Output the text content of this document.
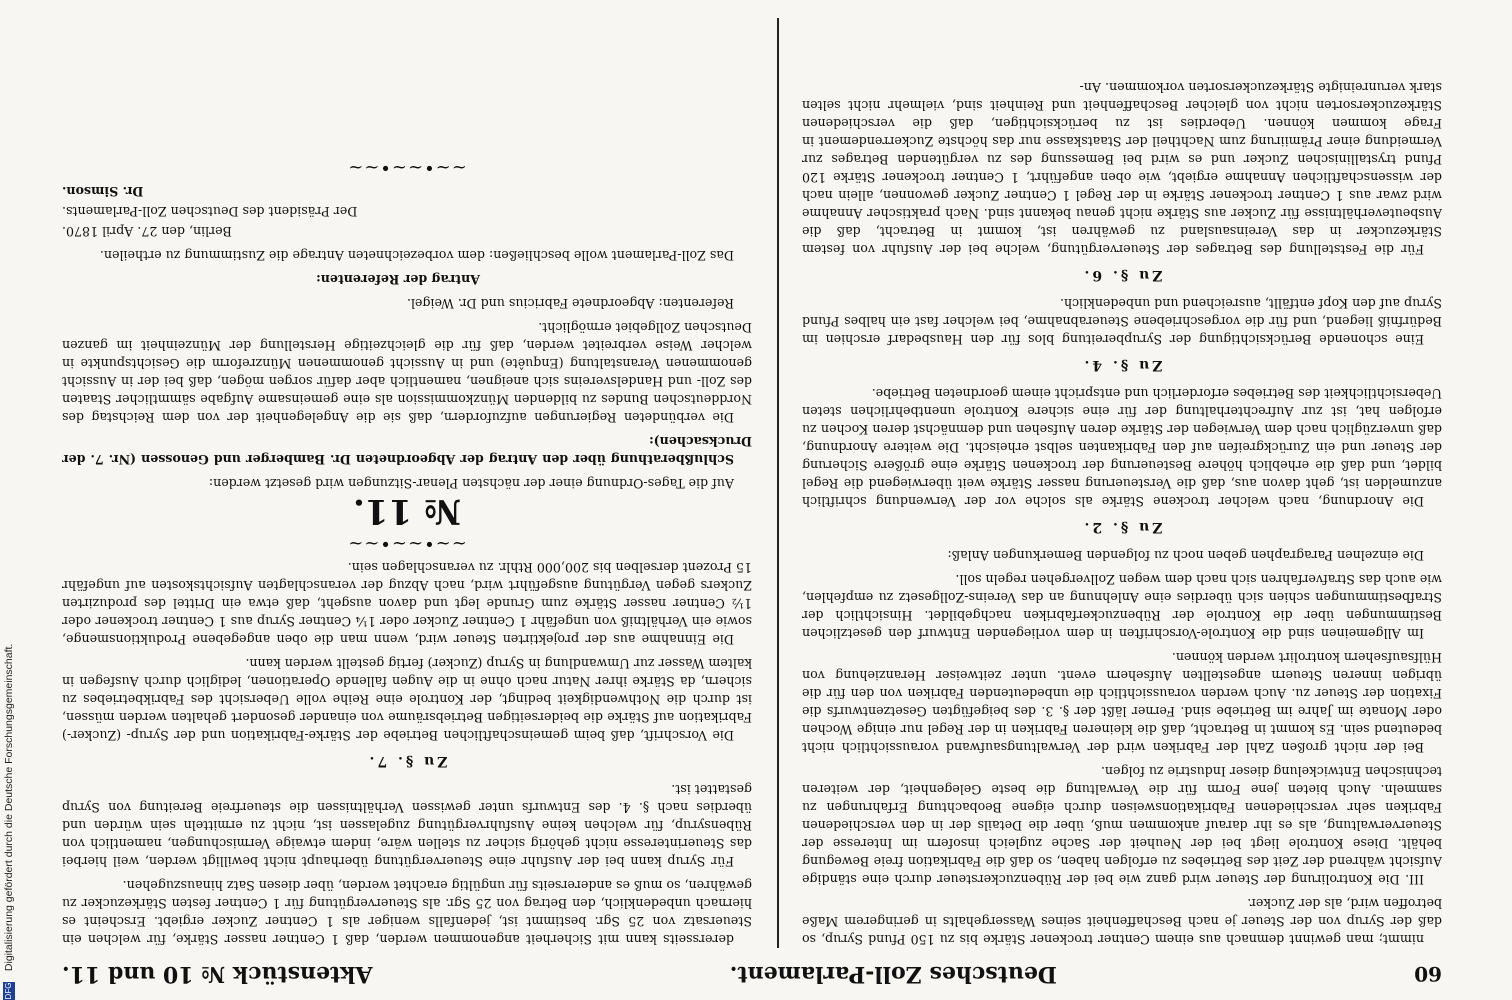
DFG Digitalisierung gefördert durch die Deutsche Forschungsgemeinschaft.
60
Deutsches Zoll-Parlament.
Aktenstück № 10 und 11.

nimmt; man gewinnt demnach aus einem Centner trockener Stärke bis zu 150 Pfund Syrup, so daß der Syrup von der Steuer je nach Beschaffenheit seines Wassergehalts in geringerem Maße betroffen wird, als der Zucker.

III. Die Kontrolirung der Steuer wird ganz wie bei der Rübenzuckersteuer durch eine ständige Aufsicht während der Zeit des Betriebes zu erfolgen haben, so daß die Fabrikation freie Bewegung behält. Diese Kontrole liegt bei der Neuheit der Sache zugleich insofern im Interesse der Steuerverwaltung, als es ihr darauf ankommen muß, über die Details der in den verschiedenen Fabriken sehr verschiedenen Fabrikationsweisen durch eigene Beobachtung Erfahrungen zu sammeln. Auch bieten jene Form für die Verwaltung die beste Gelegenheit, der weiteren technischen Entwickelung dieser Industrie zu folgen.

Bei der nicht großen Zahl der Fabriken wird der Verwaltungsaufwand voraussichtlich nicht bedeutend sein. Es kommt in Betracht, daß die kleineren Fabriken in der Regel nur einige Wochen oder Monate im Jahre im Betriebe sind. Ferner läßt der §. 3. des beigefügten Gesetzentwurfs die Fixation der Steuer zu. Auch werden voraussichtlich die unbedeutenden Fabriken von den für die übrigen inneren Steuern angestellten Aufsehern event. unter zeitweiser Heranziehung von Hülfsaufsehern kontrolirt werden können.

Im Allgemeinen sind die Kontrole-Vorschriften in dem vorliegenden Entwurf den gesetzlichen Bestimmungen über die Kontrole der Rübenzuckerfabriken nachgebildet. Hinsichtlich der Strafbestimmungen schien sich überdies eine Anlehnung an das Vereins-Zollgesetz zu empfehlen, wie auch das Strafverfahren sich nach dem wegen Zollvergehen regeln soll.

Die einzelnen Paragraphen geben noch zu folgenden Bemerkungen Anlaß:

Zu §. 2.

Die Anordnung, nach welcher trockene Stärke als solche vor der Verwendung schriftlich anzumelden ist, geht davon aus, daß die Versteuerung nasser Stärke weit überwiegend die Regel bildet, und daß die erheblich höhere Besteuerung der trockenen Stärke eine größere Sicherung der Steuer und ein Zurückgreifen auf den Fabrikanten selbst erheischt. Die weitere Anordnung, daß unverzüglich nach dem Verwiegen der Stärke deren Aufsehen und demnächst deren Kochen zu erfolgen hat, ist zur Aufrechterhaltung der für eine sichere Kontrole unentbehrlichen steten Uebersichtlichkeit des Betriebes erforderlich und entspricht einem geordneten Betriebe.

Zu §. 4.

Eine schonende Berücksichtigung der Syrupbereitung blos für den Hausbedarf erschien im Bedürfniß liegend, und für die vorgeschriebene Steuerabnahme, bei welcher fast ein halbes Pfund Syrup auf den Kopf entfällt, ausreichend und unbedenklich.

Zu §. 6.

Für die Feststellung des Betrages der Steuervergütung, welche bei der Ausfuhr von festem Stärkezucker in das Vereinsausland zu gewähren ist, kommt in Betracht, daß die Ausbeuteverhältnisse für Zucker aus Stärke nicht genau bekannt sind. Nach praktischer Annahme wird zwar aus 1 Centner trockener Stärke in der Regel 1 Centner Zucker gewonnen, allein nach der wissenschaftlichen Annahme ergiebt, wie oben angeführt, 1 Centner trockener Stärke 120 Pfund trystallinischen Zucker und es wird bei Bemessung des zu vergütenden Betrages zur Vermeidung einer Prämiirung zum Nachtheil der Staatskasse nur das höchste Zuckerrendement in Frage kommen können. Ueberdies ist zu berücksichtigen, daß die verschiedenen Stärkezuckersorten nicht von gleicher Beschaffenheit und Reinheit sind, vielmehr nicht selten stark verunreinigte Stärkezuckersorten vorkommen. An-

derersseits kann mit Sicherheit angenommen werden, daß 1 Centner nasser Stärke, für welchen ein Steuersatz von 25 Sgr. bestimmt ist, jedenfalls weniger als 1 Centner Zucker ergiebt. Erscheint es hiernach unbedenklich, den Betrag von 25 Sgr. als Steuervergütung für 1 Centner festen Stärkezucker zu gewähren, so muß es andererseits für ungültig erachtet werden, über diesen Satz hinauszugehen.

Für Syrup kann bei der Ausfuhr eine Steuervergütung überhaupt nicht bewilligt werden, weil hierbei das Steuerinteresse nicht gehörig sicher zu stellen wäre, indem etwaige Vermischungen, namentlich von Rübensyrup, für welchen keine Ausfuhrvergütung zugelassen ist, nicht zu ermitteln sein würden und überdies nach §. 4. des Entwurfs unter gewissen Verhältnissen die steuerfreie Bereitung von Syrup gestattet ist.

Zu §. 7.

Die Vorschrift, daß beim gemeinschaftlichen Betriebe der Stärke-Fabrikation und der Syrup- (Zucker-) Fabrikation auf Stärke die beiderseitigen Betriebsräume von einander gesondert gehalten werden müssen, ist durch die Nothwendigkeit bedingt, der Kontrole eine Reihe volle Uebersicht des Fabrikbetriebes zu sichern, da Stärke ihrer Natur nach ohne in die Augen fallende Operationen, lediglich durch Ausfegen in kaltem Wasser zur Umwandlung in Syrup (Zucker) fertig gestellt werden kann.

Die Einnahme aus der projektirten Steuer wird, wenn man die oben angegebene Produktionsmenge, sowie ein Verhältniß von ungefähr 1 Centner Zucker oder 1¼ Centner Syrup aus 1 Centner trockener oder 1½ Centner nasser Stärke zum Grunde legt und davon ausgeht, daß etwa ein Drittel des produzirten Zuckers gegen Vergütung ausgeführt wird, nach Abzug der veranschlagten Aufsichtskosten auf ungefähr 15 Prozent derselben bis 200,000 Rthlr. zu veranschlagen sein.

~~•~~•~~
№ 11.

Auf die Tages-Ordnung einer der nächsten Plenar-Sitzungen wird gesetzt werden:

Schlußberathung über den Antrag der Abgeordneten Dr. Bamberger und Genossen (Nr. 7. der Drucksachen):

Die verbündeten Regierungen aufzufordern, daß sie die Angelegenheit der von dem Reichstag des Norddeutschen Bundes zu bildenden Münzkommission als eine gemeinsame Aufgabe sämmtlicher Staaten des Zoll- und Handelsvereins sich aneignen, namentlich aber dafür sorgen mögen, daß bei der in Aussicht genommenen Veranstaltung (Enquête) und in Aussicht genommenen Münzreform die Gesichtspunkte in welcher Weise verbreitet werden, daß für die gleichzeitige Herstellung der Münzeinheit im ganzen Deutschen Zollgebiet ermöglicht.

Referenten: Abgeordnete Fabricius und Dr. Weigel.

Antrag der Referenten:

Das Zoll-Parlament wolle beschließen: dem vorbezeichneten Antrage die Zustimmung zu ertheilen.

Berlin, den 27. April 1870.
Der Präsident des Deutschen Zoll-Parlaments.
Dr. Simson.
~~•~~•~~
